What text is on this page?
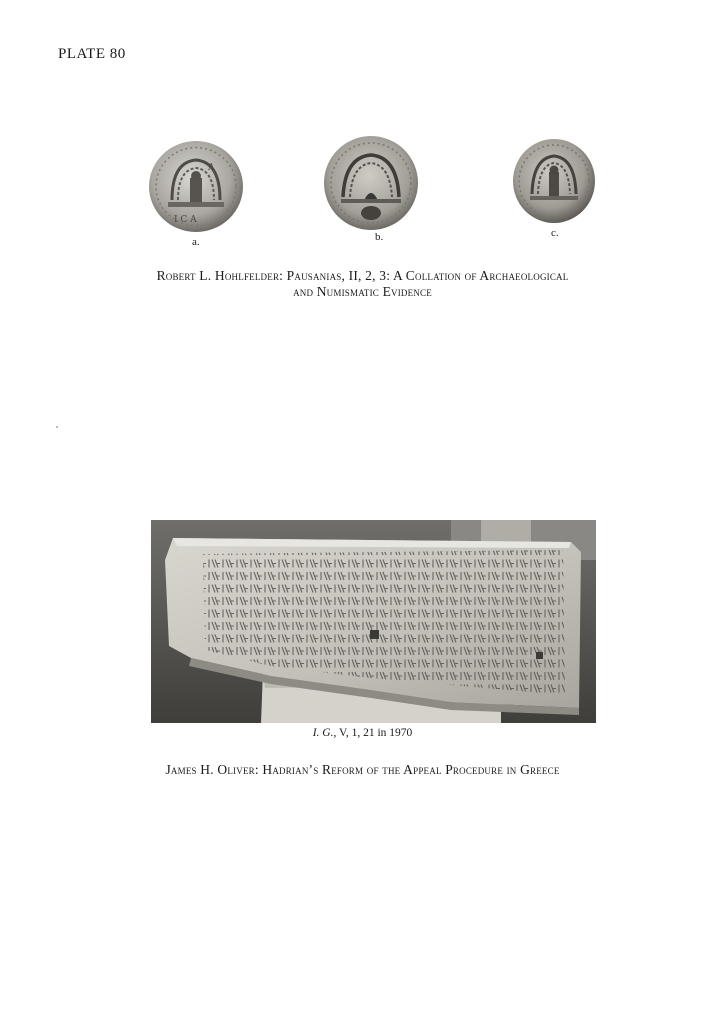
PLATE 80
I Ϲ A
Λ
a.	b.	c.
Robert L. Hohlfelder: Pausanias, II, 2, 3: A Collation of Archaeological
and Numismatic Evidence
I. G., V, 1, 21 in 1970
James H. Oliver: Hadrian’s Reform of the Appeal Procedure in Greece
